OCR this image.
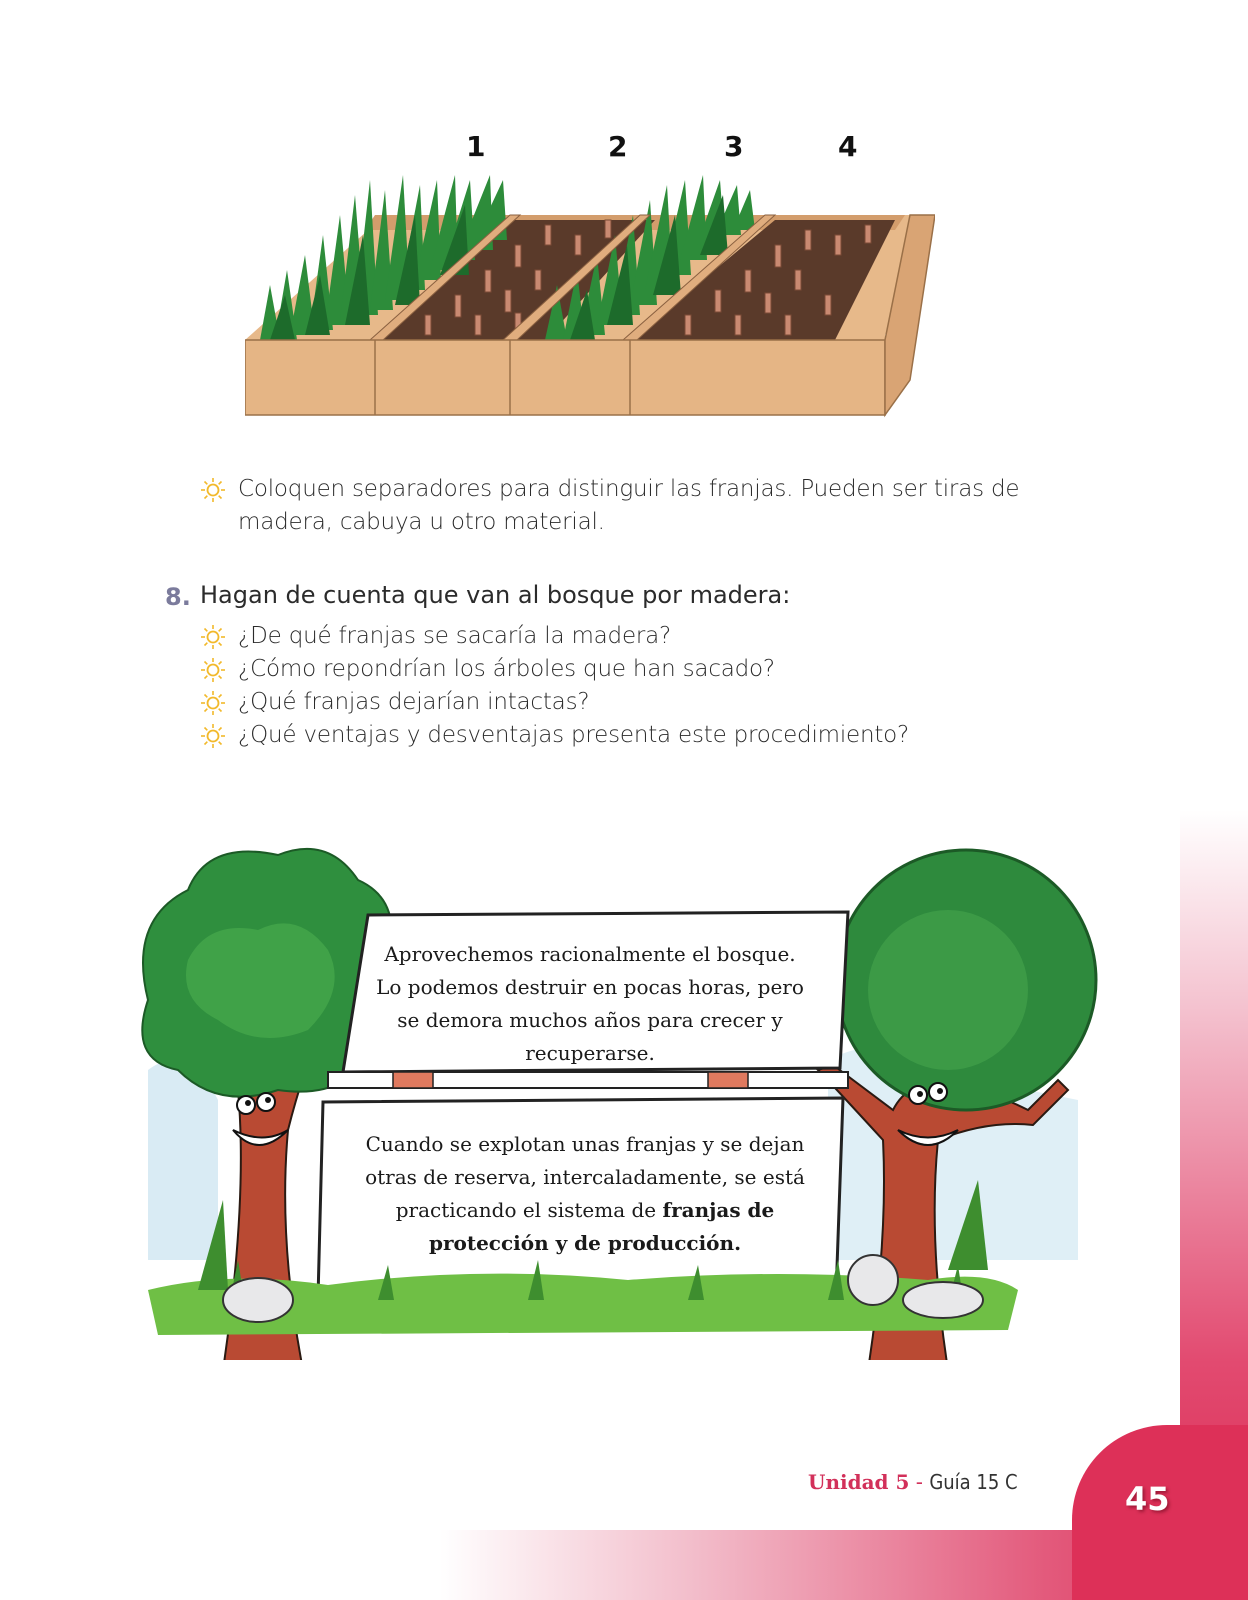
1	2	3	4
Coloquen separadores para distinguir las franjas. Pueden ser tiras de
madera, cabuya u otro material.
8. Hagan de cuenta que van al bosque por madera:
¿De qué franjas se sacaría la madera?
¿Cómo repondrían los árboles que han sacado?
¿Qué franjas dejarían intactas?
¿Qué ventajas y desventajas presenta este procedimiento?
Aprovechemos racionalmente el bosque.
Lo podemos destruir en pocas horas, pero
se demora muchos años para crecer y
recuperarse.
Cuando se explotan unas franjas y se dejan
otras de reserva, intercaladamente, se está
practicando el sistema de franjas de
protección y de producción.
Unidad 5 - Guía 15 C	45
